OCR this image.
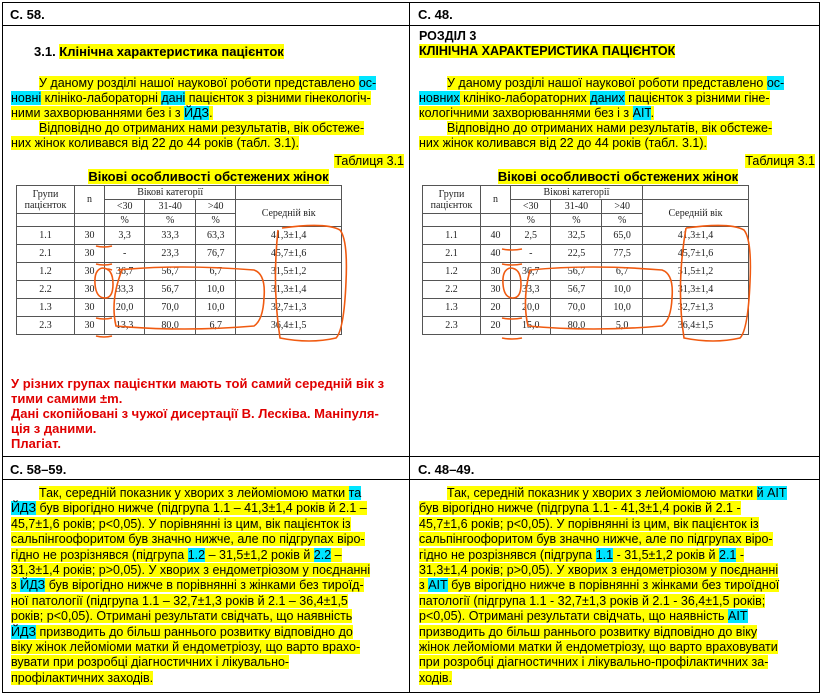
С. 58.	С. 48.
С. 58–59.	С. 48–49.
3.1. Клінічна характеристика пацієнток
У даному розділі нашої наукової роботи представлено ос-
новні клініко-лабораторні дані пацієнток з різними гінекологіч-
ними захворюваннями без і з ЙДЗ.
Відповідно до отриманих нами результатів, вік обстеже-
них жінок коливався від 22 до 44 років (табл. 3.1).
Таблиця 3.1
Вікові особливості обстежених жінок
РОЗДІЛ 3
КЛІНІЧНА ХАРАКТЕРИСТИКА ПАЦІЄНТОК
У даному розділі нашої наукової роботи представлено ос-
новних клініко-лабораторних даних пацієнток з різними гіне-
кологічними захворюваннями без і з АІТ.
Відповідно до отриманих нами результатів, вік обстеже-
них жінок коливався від 22 до 44 років (табл. 3.1).
Таблиця 3.1
Вікові особливості обстежених жінок
Групи пацієнток	n	Вікові категорії			
		<30	31-40	>40	Середній вік
		%	%	%	
1.1	30	3,3	33,3	63,3	41,3±1,4
2.1	30	-	23,3	76,7	45,7±1,6
1.2	30	36,7	56,7	6,7	31,5±1,2
2.2	30	33,3	56,7	10,0	31,3±1,4
1.3	30	20,0	70,0	10,0	32,7±1,3
2.3	30	13,3	80,0	6,7	36,4±1,5
Групи пацієнток	n	Вікові категорії			
		<30	31-40	>40	Середній вік
		%	%	%	
1.1	40	2,5	32,5	65,0	41,3±1,4
2.1	40	-	22,5	77,5	45,7±1,6
1.2	30	36,7	56,7	6,7	31,5±1,2
2.2	30	33,3	56,7	10,0	31,3±1,4
1.3	20	20,0	70,0	10,0	32,7±1,3
2.3	20	15,0	80,0	5,0	36,4±1,5
У різних групах пацієнтки мають той самий середній вік з
тими самими ±m.
Дані скопійовані з чужої дисертації В. Лесківа. Маніпуля-
ція з даними.
Плагіат.
Так, середній показник у хворих з лейоміомою матки та
ЙДЗ був вірогідно нижче (підгрупа 1.1 – 41,3±1,4 років й 2.1 –
45,7±1,6 років; р<0,05). У порівнянні із цим, вік пацієнток із
сальпінгоофоритом був значно нижче, але по підгрупах віро-
гідно не розрізнявся (підгрупа 1.2 – 31,5±1,2 років й 2.2 –
31,3±1,4 років; р>0,05). У хворих з ендометріозом у поєднанні
з ЙДЗ був вірогідно нижче в порівнянні з жінками без тироїд-
ної патології (підгрупа 1.1 – 32,7±1,3 років й 2.1 – 36,4±1,5
років; р<0,05). Отримані результати свідчать, що наявність
ЙДЗ призводить до більш раннього розвитку відповідно до
віку жінок лейоміоми матки й ендометріозу, що варто врахо-
вувати при розробці діагностичних і лікувально-
профілактичних заходів.
Так, середній показник у хворих з лейоміомою матки й АІТ
був вірогідно нижче (підгрупа 1.1 - 41,3±1,4 років й 2.1 -
45,7±1,6 років; р<0,05). У порівнянні із цим, вік пацієнток із
сальпінгоофоритом був значно нижче, але по підгрупах віро-
гідно не розрізнявся (підгрупа 1.1 - 31,5±1,2 років й 2.1 -
31,3±1,4 років; р>0,05). У хворих з ендометріозом у поєднанні
з АІТ був вірогідно нижче в порівнянні з жінками без тироїдної
патології (підгрупа 1.1 - 32,7±1,3 років й 2.1 - 36,4±1,5 років;
р<0,05). Отримані результати свідчать, що наявність АІТ
призводить до більш раннього розвитку відповідно до віку
жінок лейоміоми матки й ендометріозу, що варто враховувати
при розробці діагностичних і лікувально-профілактичних за-
ходів.
